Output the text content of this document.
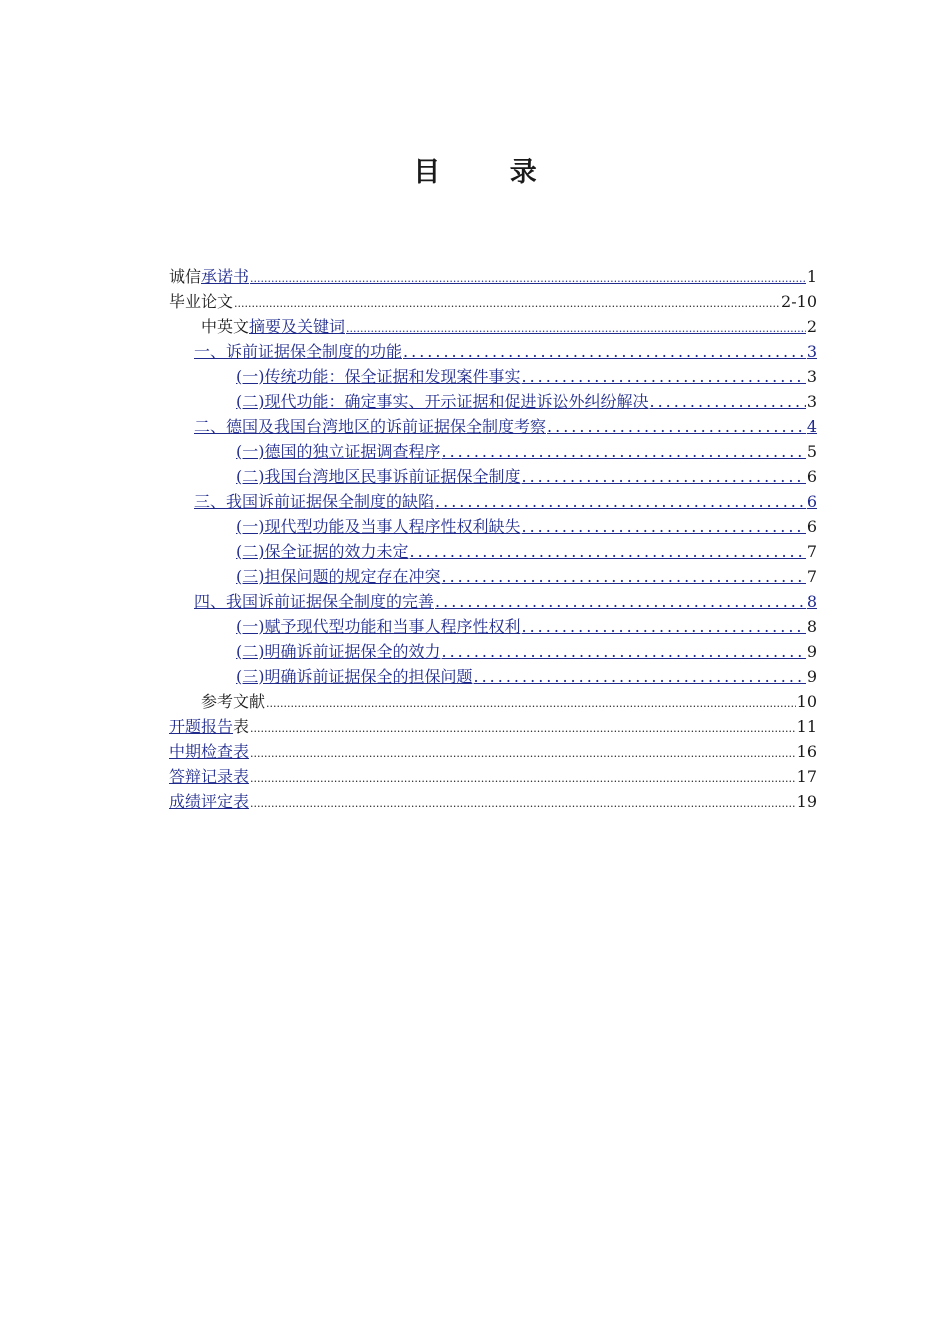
目 录
诚信承诺书 .....	1
毕业论文 .....	2-10
中英文摘要及关键词 .....	2
一、诉前证据保全制度的功能 .....	3
(一)传统功能：保全证据和发现案件事实 .....	3
(二)现代功能：确定事实、开示证据和促进诉讼外纠纷解决 .....	3
二、德国及我国台湾地区的诉前证据保全制度考察 .....	4
(一)德国的独立证据调查程序 .....	5
(二)我国台湾地区民事诉前证据保全制度 .....	6
三、我国诉前证据保全制度的缺陷 .....	6
(一)现代型功能及当事人程序性权利缺失 .....	6
(二)保全证据的效力未定 .....	7
(三)担保问题的规定存在冲突 .....	7
四、我国诉前证据保全制度的完善 .....	8
(一)赋予现代型功能和当事人程序性权利 .....	8
(二)明确诉前证据保全的效力 .....	9
(三)明确诉前证据保全的担保问题 .....	9
参考文献 .....	10
开题报告表 .....	11
中期检查表 .....	16
答辩记录表 .....	17
成绩评定表 .....	19
